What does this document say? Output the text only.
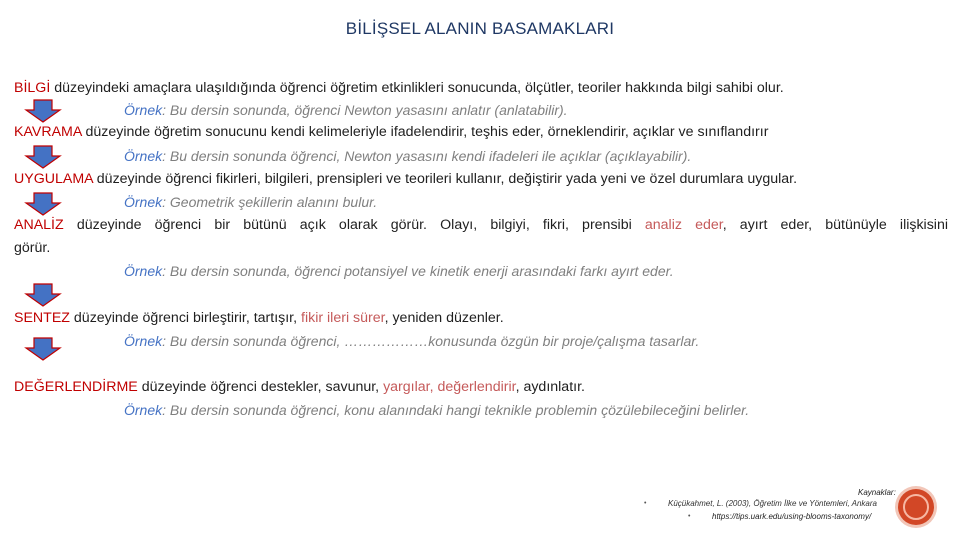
BİLİŞSEL ALANIN BASAMAKLARI
BİLGİ düzeyindeki amaçlara ulaşıldığında öğrenci öğretim etkinlikleri sonucunda, ölçütler, teoriler hakkında bilgi sahibi olur.
Örnek: Bu dersin sonunda, öğrenci Newton yasasını anlatır (anlatabilir).
KAVRAMA düzeyinde öğretim sonucunu kendi kelimeleriyle ifadelendirir, teşhis eder, örneklendirir, açıklar ve sınıflandırır
Örnek: Bu dersin sonunda öğrenci, Newton yasasını kendi ifadeleri ile açıklar (açıklayabilir).
UYGULAMA düzeyinde öğrenci fikirleri, bilgileri, prensipleri ve teorileri kullanır, değiştirir yada yeni ve özel durumlara uygular.
Örnek: Geometrik şekillerin alanını bulur.
ANALİZ düzeyinde öğrenci bir bütünü açık olarak görür. Olayı, bilgiyi, fikri, prensibi analiz eder, ayırt eder, bütünüyle ilişkisini
görür.
Örnek: Bu dersin sonunda, öğrenci potansiyel ve kinetik enerji arasındaki farkı ayırt eder.
SENTEZ düzeyinde öğrenci birleştirir, tartışır, fikir ileri sürer, yeniden düzenler.
Örnek: Bu dersin sonunda öğrenci, ………………konusunda özgün bir proje/çalışma tasarlar.
DEĞERLENDİRME düzeyinde öğrenci destekler, savunur, yargılar, değerlendirir, aydınlatır.
Örnek: Bu dersin sonunda öğrenci, konu alanındaki hangi teknikle problemin çözülebileceğini belirler.
Kaynaklar:
•	Küçükahmet, L. (2003), Öğretim İlke ve Yöntemleri, Ankara
•	https://tips.uark.edu/using-blooms-taxonomy/
